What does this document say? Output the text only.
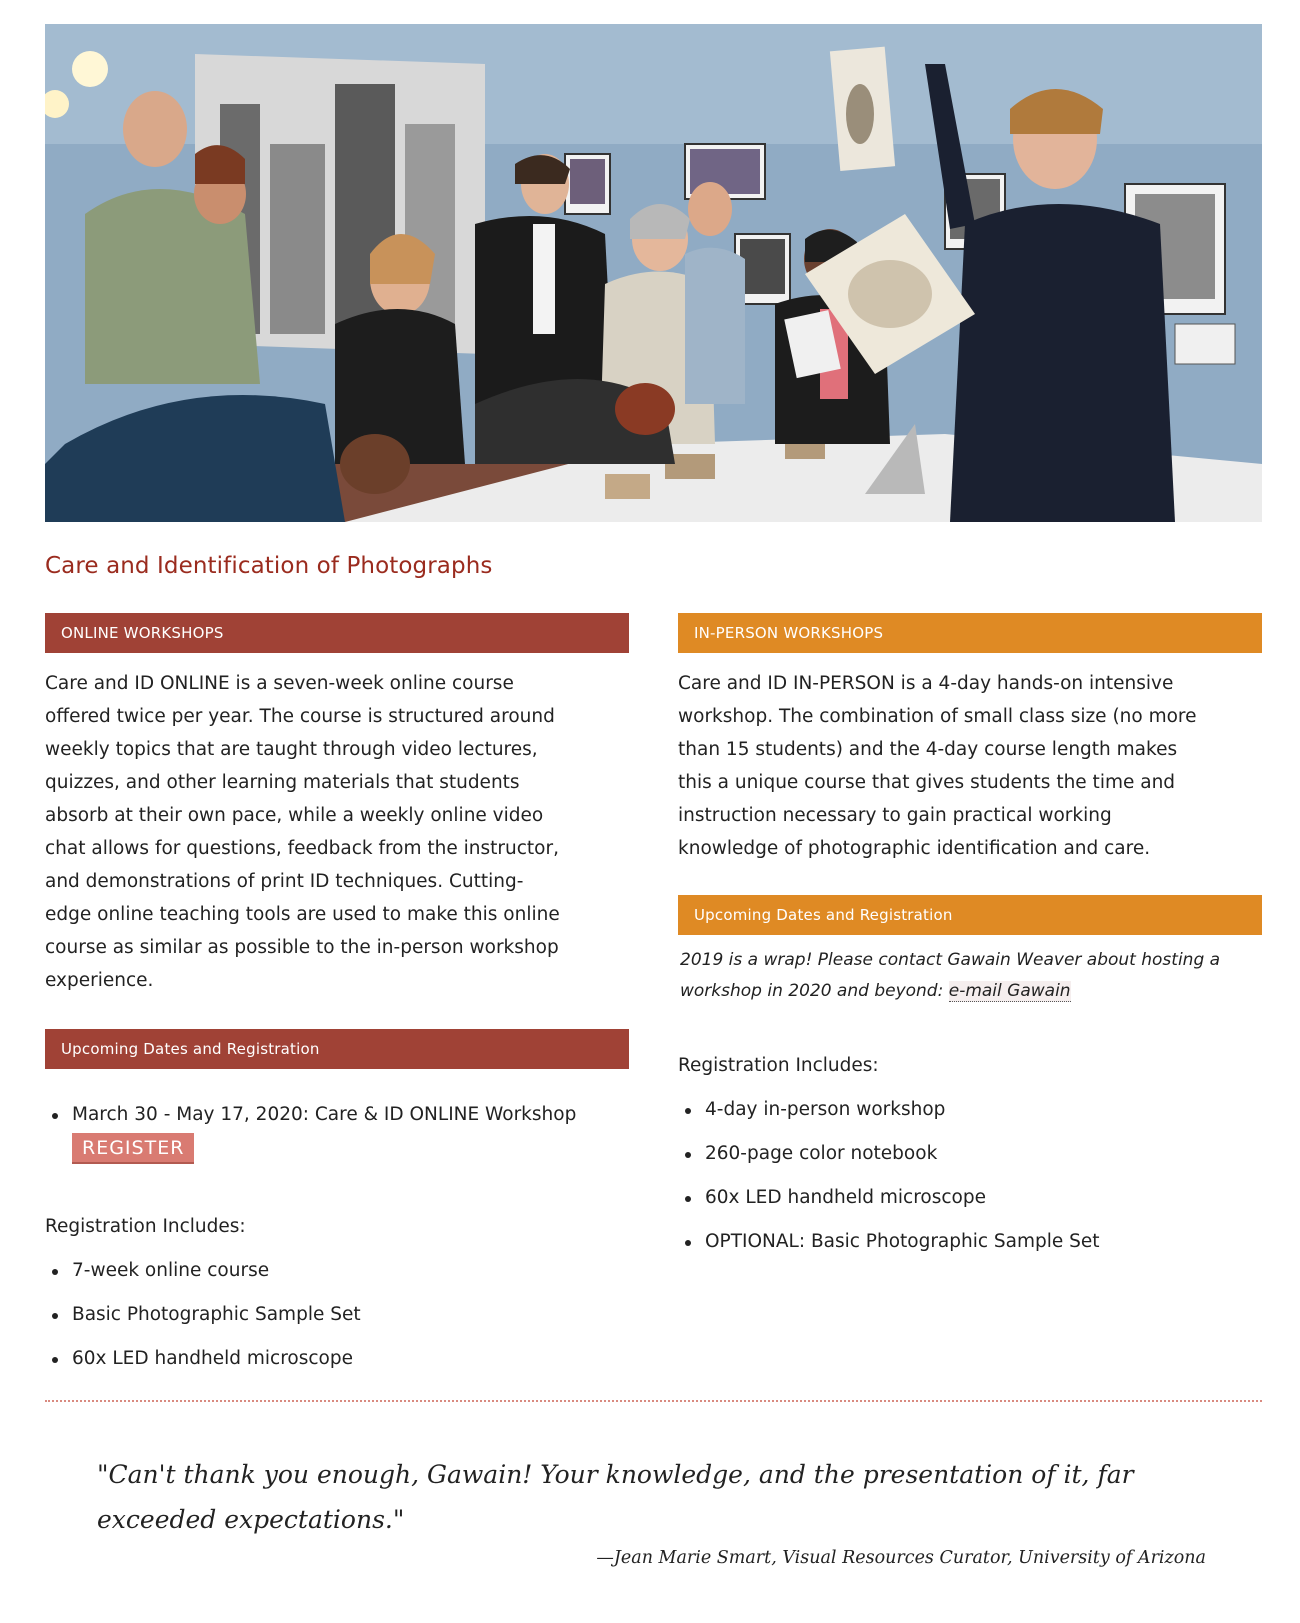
Care and Identification of Photographs
ONLINE WORKSHOPS

Care and ID ONLINE is a seven-week online course offered twice per year. The course is structured around weekly topics that are taught through video lectures, quizzes, and other learning materials that students absorb at their own pace, while a weekly online video chat allows for questions, feedback from the instructor, and demonstrations of print ID techniques. Cutting-edge online teaching tools are used to make this online course as similar as possible to the in-person workshop experience.

Upcoming Dates and Registration
March 30 - May 17, 2020: Care & ID ONLINE Workshop
REGISTER

Registration Includes:

7-week online course
Basic Photographic Sample Set
60x LED handheld microscope
IN-PERSON WORKSHOPS

Care and ID IN-PERSON is a 4-day hands-on intensive workshop. The combination of small class size (no more than 15 students) and the 4-day course length makes this a unique course that gives students the time and instruction necessary to gain practical working knowledge of photographic identification and care.

Upcoming Dates and Registration

2019 is a wrap! Please contact Gawain Weaver about hosting a workshop in 2020 and beyond: e-mail Gawain

Registration Includes:

4-day in-person workshop
260-page color notebook
60x LED handheld microscope
OPTIONAL: Basic Photographic Sample Set
"Can't thank you enough, Gawain! Your knowledge, and the presentation of it, far exceeded expectations."

—Jean Marie Smart, Visual Resources Curator, University of Arizona
